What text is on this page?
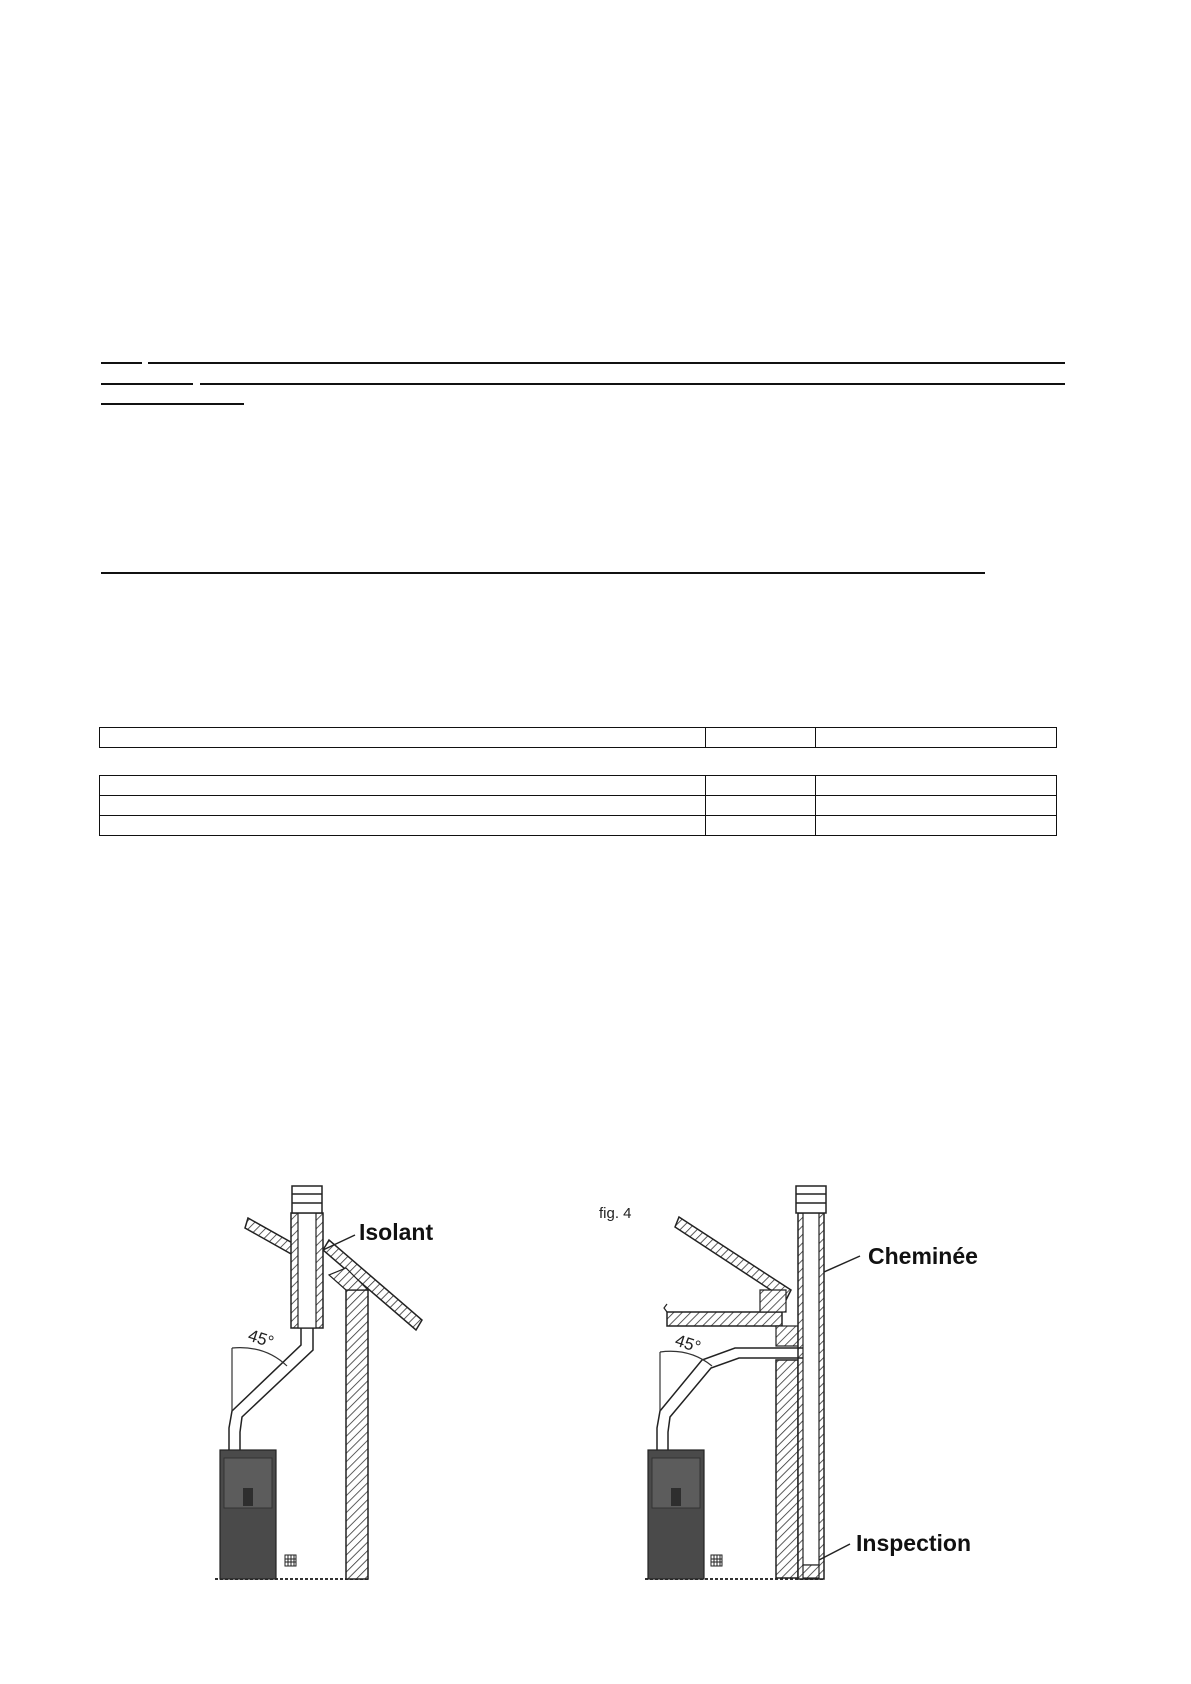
45°
Isolant
fig. 4
45°
Cheminée
Inspection
